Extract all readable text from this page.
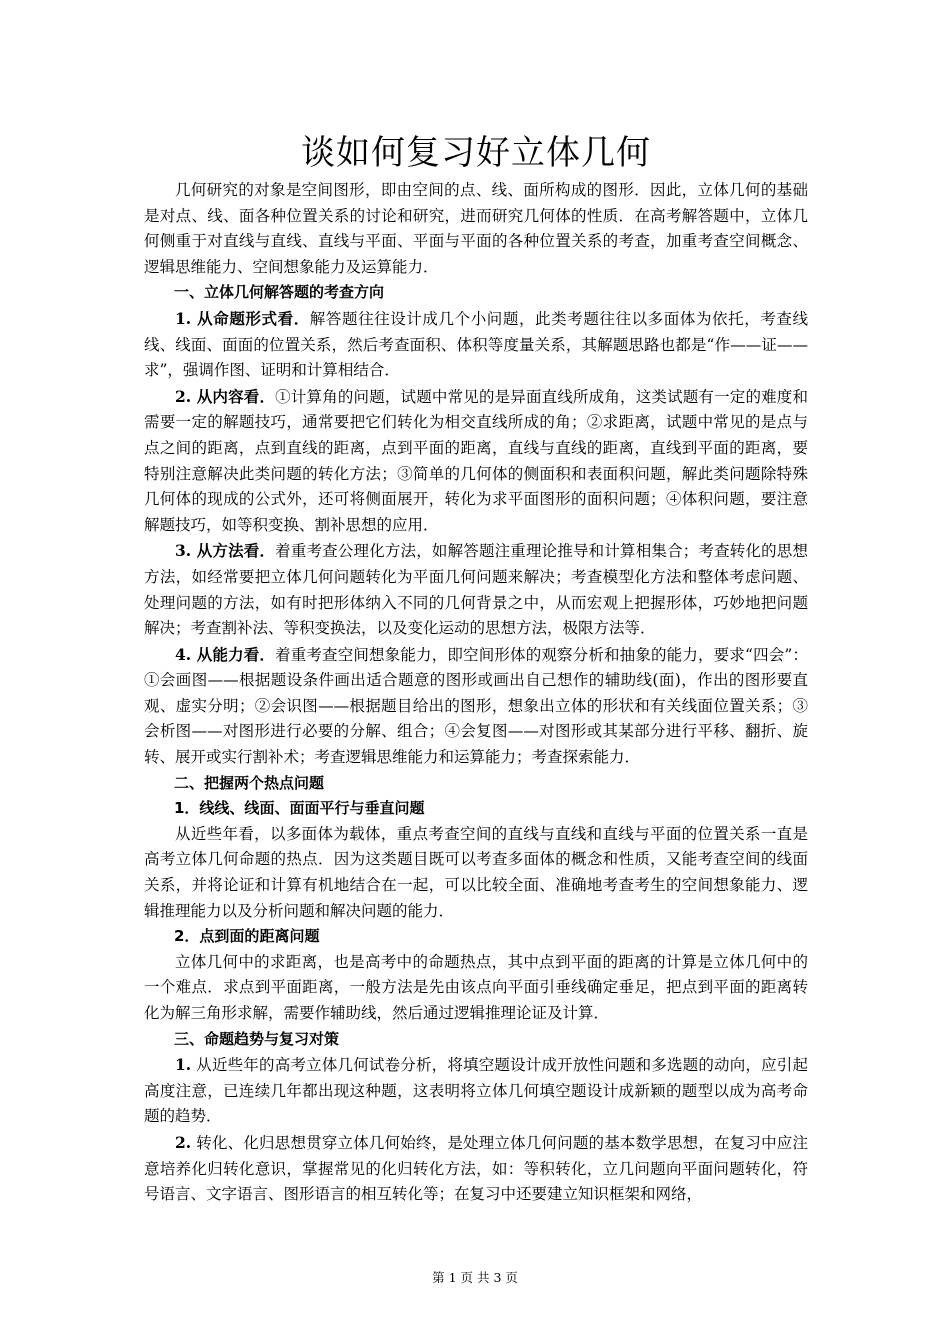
谈如何复习好立体几何

几何研究的对象是空间图形，即由空间的点、线、面所构成的图形．因此，立体几何的基础是对点、线、面各种位置关系的讨论和研究，进而研究几何体的性质．在高考解答题中，立体几何侧重于对直线与直线、直线与平面、平面与平面的各种位置关系的考查，加重考查空间概念、逻辑思维能力、空间想象能力及运算能力．

一、立体几何解答题的考查方向

1. 从命题形式看．解答题往往设计成几个小问题，此类考题往往以多面体为依托，考查线线、线面、面面的位置关系，然后考查面积、体积等度量关系，其解题思路也都是“作——证——求”，强调作图、证明和计算相结合．

2. 从内容看．①计算角的问题，试题中常见的是异面直线所成角，这类试题有一定的难度和需要一定的解题技巧，通常要把它们转化为相交直线所成的角；②求距离，试题中常见的是点与点之间的距离，点到直线的距离，点到平面的距离，直线与直线的距离，直线到平面的距离，要特别注意解决此类问题的转化方法；③简单的几何体的侧面积和表面积问题，解此类问题除特殊几何体的现成的公式外，还可将侧面展开，转化为求平面图形的面积问题；④体积问题，要注意解题技巧，如等积变换、割补思想的应用．

3. 从方法看．着重考查公理化方法，如解答题注重理论推导和计算相集合；考查转化的思想方法，如经常要把立体几何问题转化为平面几何问题来解决；考查模型化方法和整体考虑问题、处理问题的方法，如有时把形体纳入不同的几何背景之中，从而宏观上把握形体，巧妙地把问题解决；考查割补法、等积变换法，以及变化运动的思想方法，极限方法等．

4. 从能力看．着重考查空间想象能力，即空间形体的观察分析和抽象的能力，要求“四会”：①会画图——根据题设条件画出适合题意的图形或画出自己想作的辅助线(面)，作出的图形要直观、虚实分明；②会识图——根据题目给出的图形，想象出立体的形状和有关线面位置关系；③会析图——对图形进行必要的分解、组合；④会复图——对图形或其某部分进行平移、翻折、旋转、展开或实行割补术；考查逻辑思维能力和运算能力；考查探索能力．

二、把握两个热点问题

1．线线、线面、面面平行与垂直问题

从近些年看，以多面体为载体，重点考查空间的直线与直线和直线与平面的位置关系一直是高考立体几何命题的热点．因为这类题目既可以考查多面体的概念和性质，又能考查空间的线面关系，并将论证和计算有机地结合在一起，可以比较全面、准确地考查考生的空间想象能力、逻辑推理能力以及分析问题和解决问题的能力．

2．点到面的距离问题

立体几何中的求距离，也是高考中的命题热点，其中点到平面的距离的计算是立体几何中的一个难点．求点到平面距离，一般方法是先由该点向平面引垂线确定垂足，把点到平面的距离转化为解三角形求解，需要作辅助线，然后通过逻辑推理论证及计算．

三、命题趋势与复习对策

1. 从近些年的高考立体几何试卷分析，将填空题设计成开放性问题和多选题的动向，应引起高度注意，已连续几年都出现这种题，这表明将立体几何填空题设计成新颖的题型以成为高考命题的趋势．

2. 转化、化归思想贯穿立体几何始终，是处理立体几何问题的基本数学思想，在复习中应注意培养化归转化意识，掌握常见的化归转化方法，如：等积转化，立几问题向平面问题转化，符号语言、文字语言、图形语言的相互转化等；在复习中还要建立知识框架和网络，

第 1 页 共 3 页
